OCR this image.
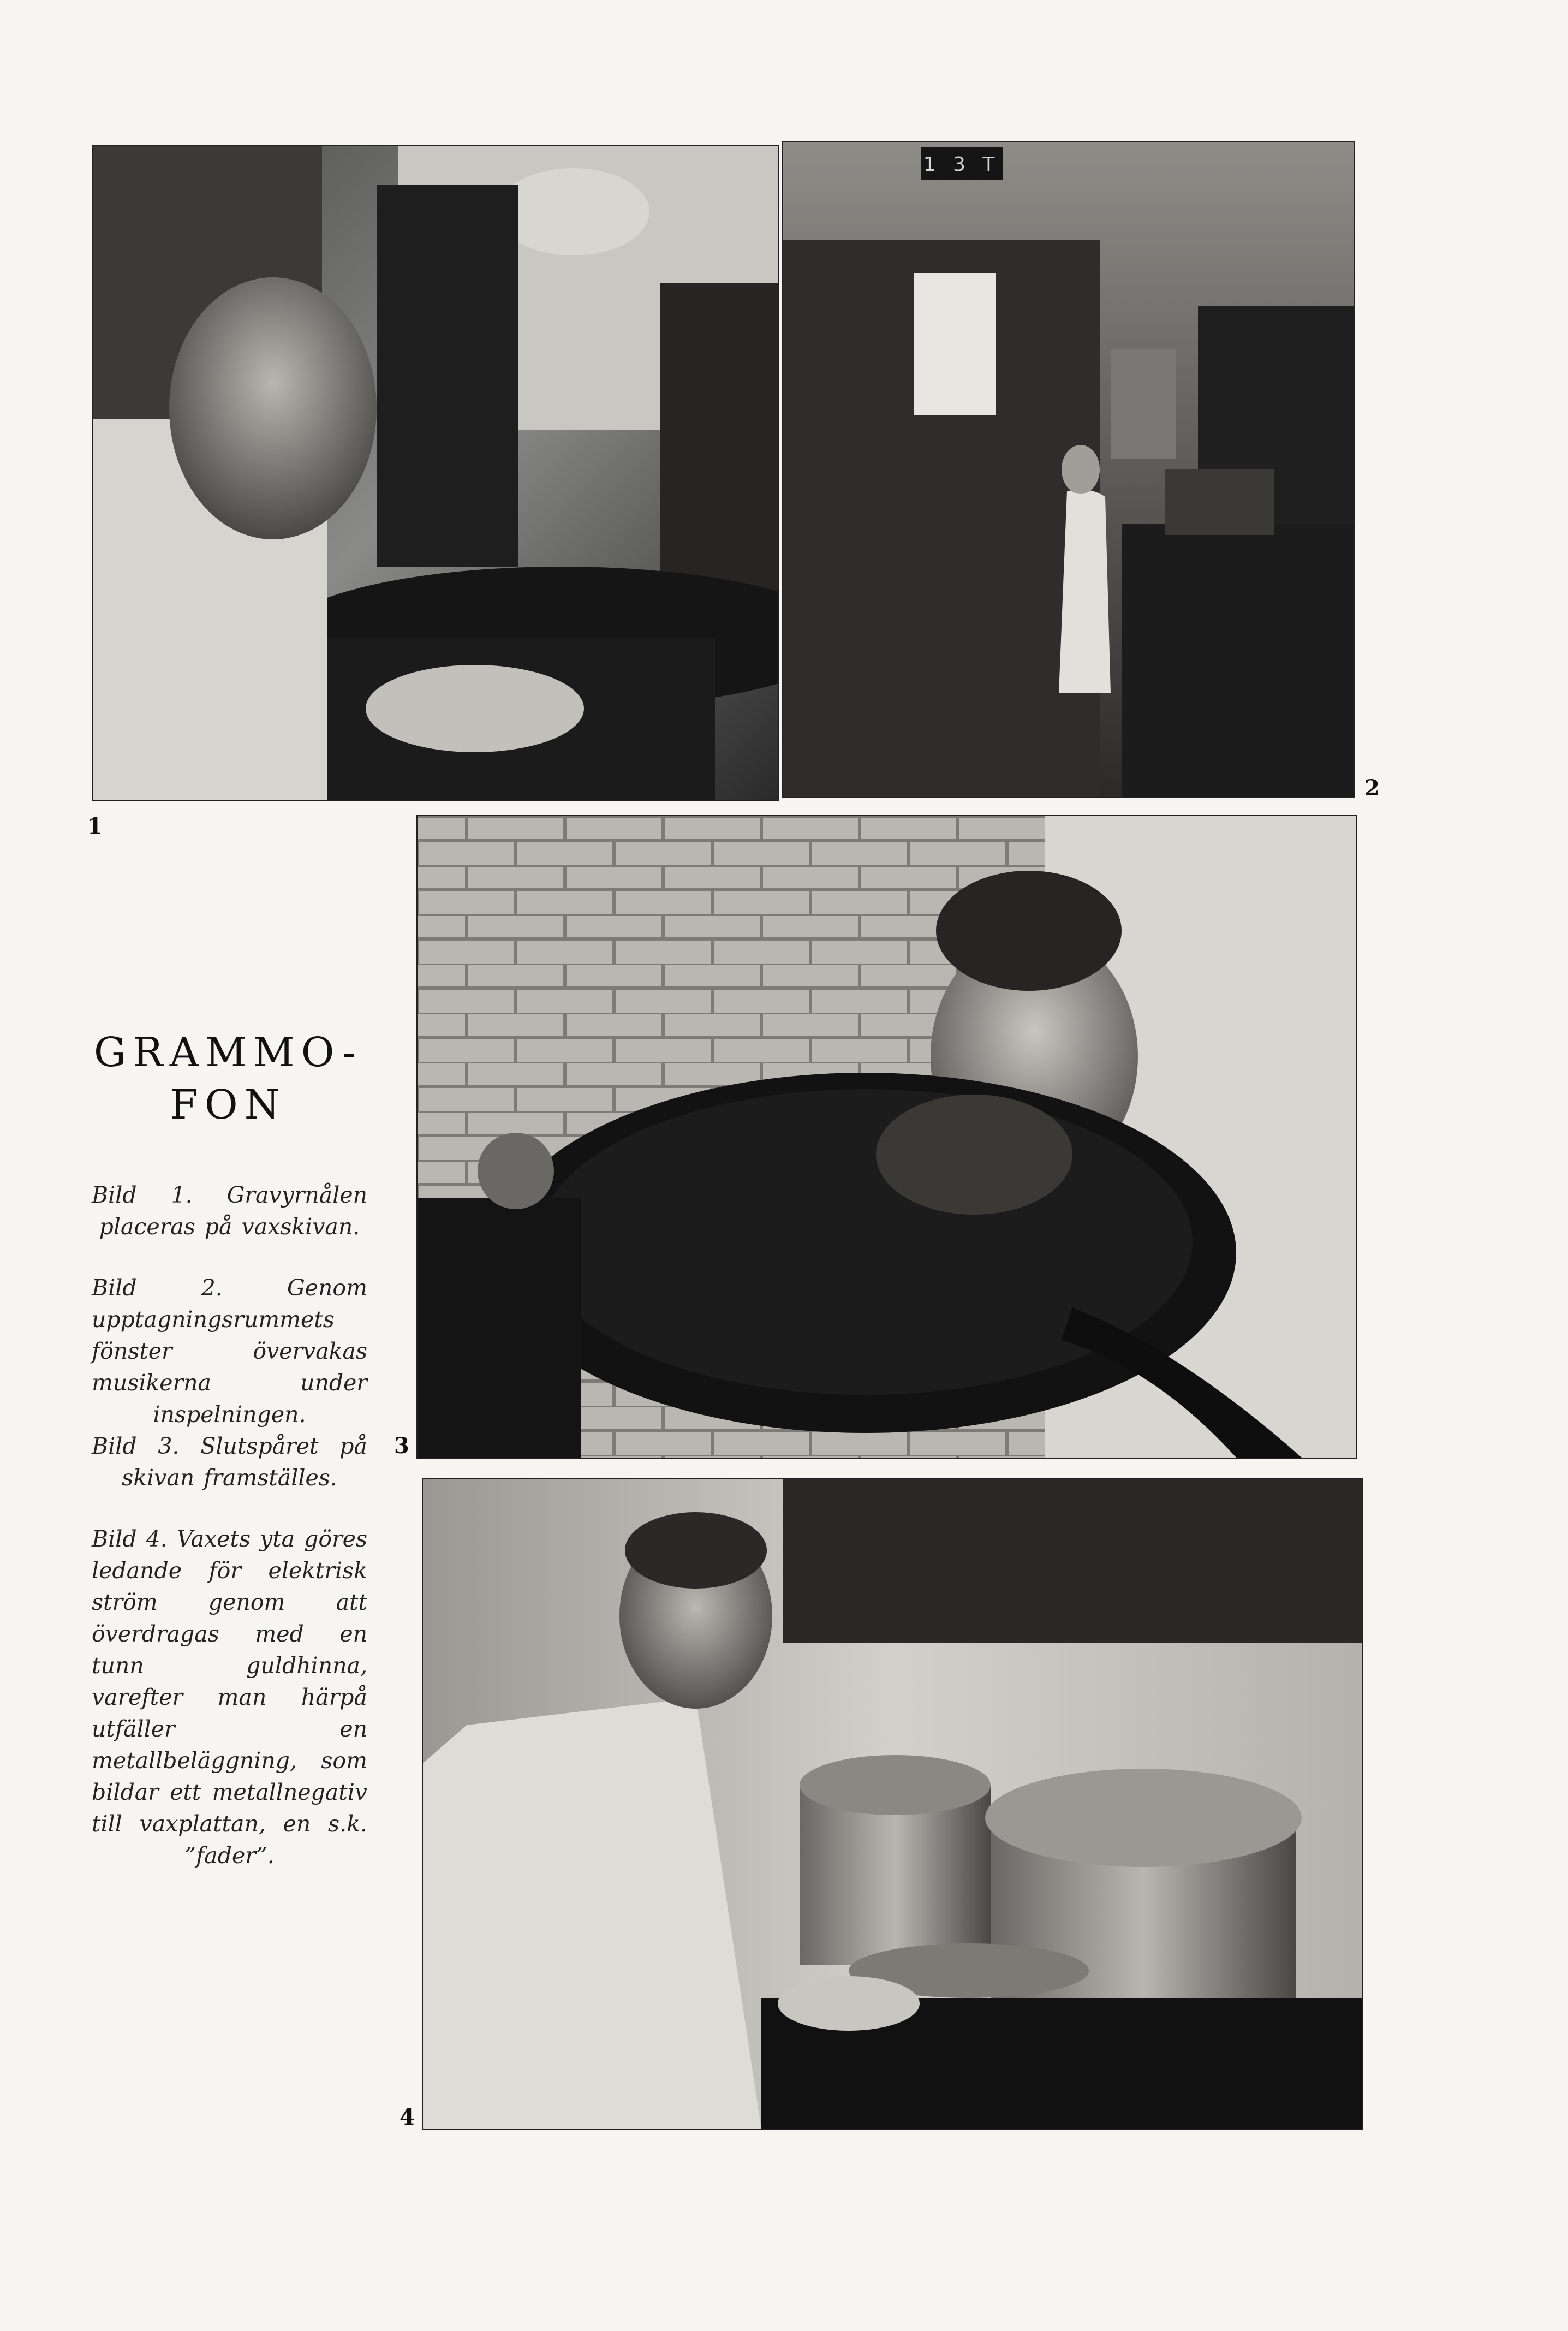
1
1 3 T
2
GRAMMO-
FON
Bild 1. Gravyrnålen placeras på vaxskivan.
Bild 2. Genom upptagningsrummets fönster övervakas musikerna under inspelningen.
Bild 3. Slutspåret på skivan framställes.
Bild 4. Vaxets yta göres ledande för elektrisk ström genom att överdragas med en tunn guldhinna, varefter man härpå utfäller en metallbeläggning, som bildar ett metallnegativ till vaxplattan, en s.k. ”fader”.
3
4
